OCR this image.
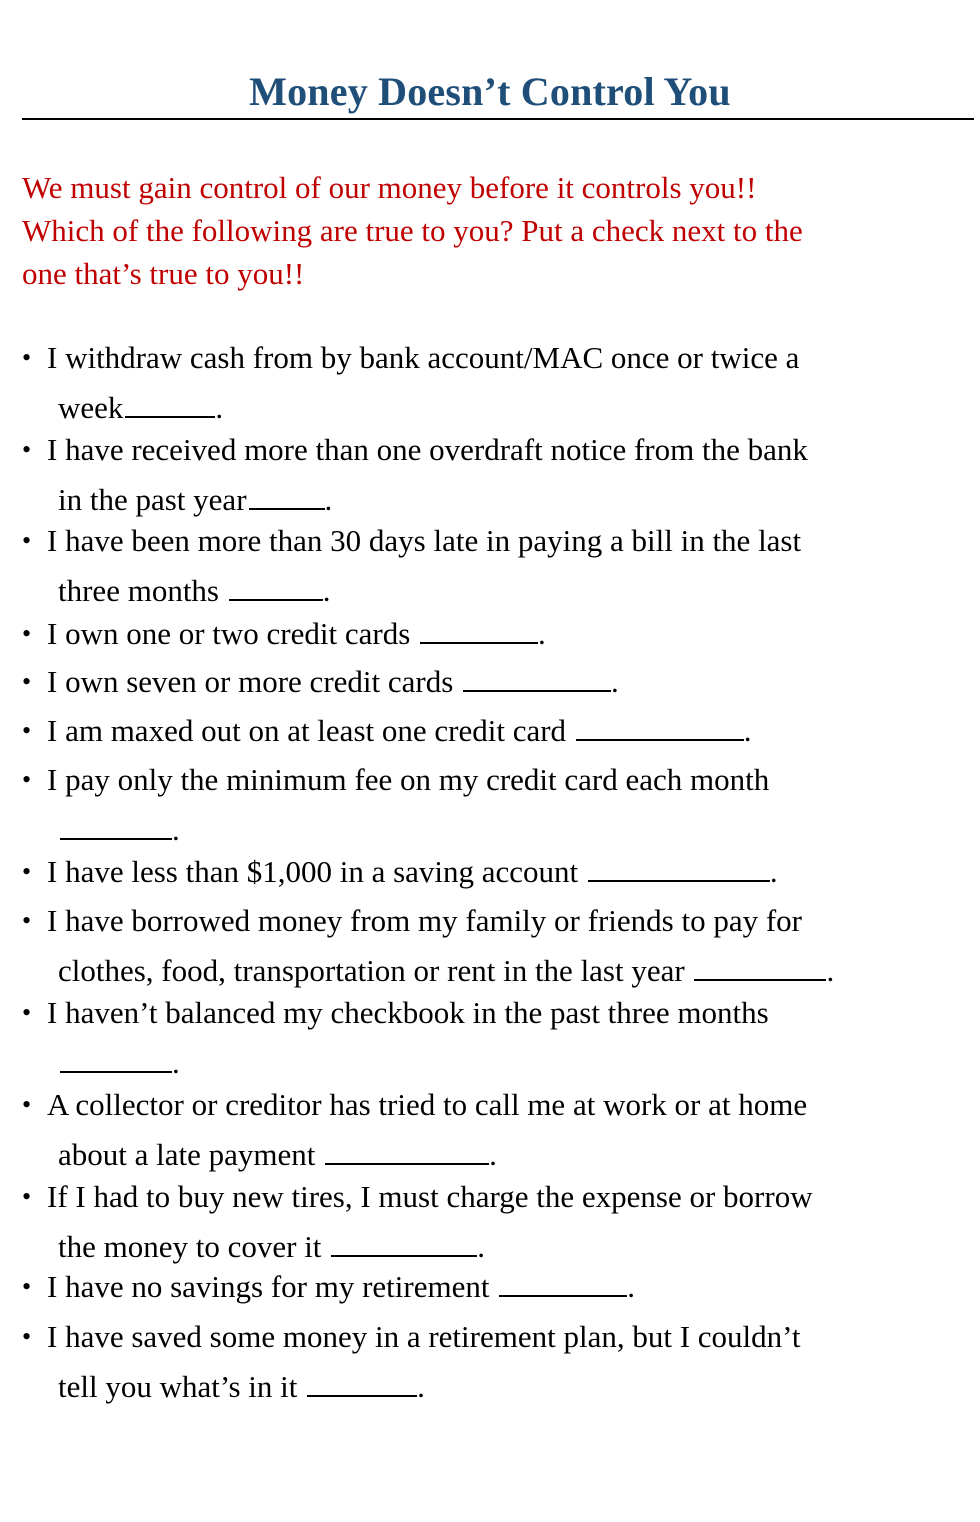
Money Doesn’t Control You
We must gain control of our money before it controls you!!
Which of the following are true to you? Put a check next to the
one that’s true to you!!
• I withdraw cash from by bank account/MAC once or twice a
week	.
• I have received more than one overdraft notice from the bank
in the past year	.
• I have been more than 30 days late in paying a bill in the last
three months	.
• I own one or two credit cards	.
• I own seven or more credit cards	.
• I am maxed out on at least one credit card	.
• I pay only the minimum fee on my credit card each month
.
• I have less than $1,000 in a saving account	.
• I have borrowed money from my family or friends to pay for
clothes, food, transportation or rent in the last year	.
• I haven’t balanced my checkbook in the past three months
.
• A collector or creditor has tried to call me at work or at home
about a late payment	.
• If I had to buy new tires, I must charge the expense or borrow
the money to cover it	.
• I have no savings for my retirement	.
• I have saved some money in a retirement plan, but I couldn’t
tell you what’s in it	.
